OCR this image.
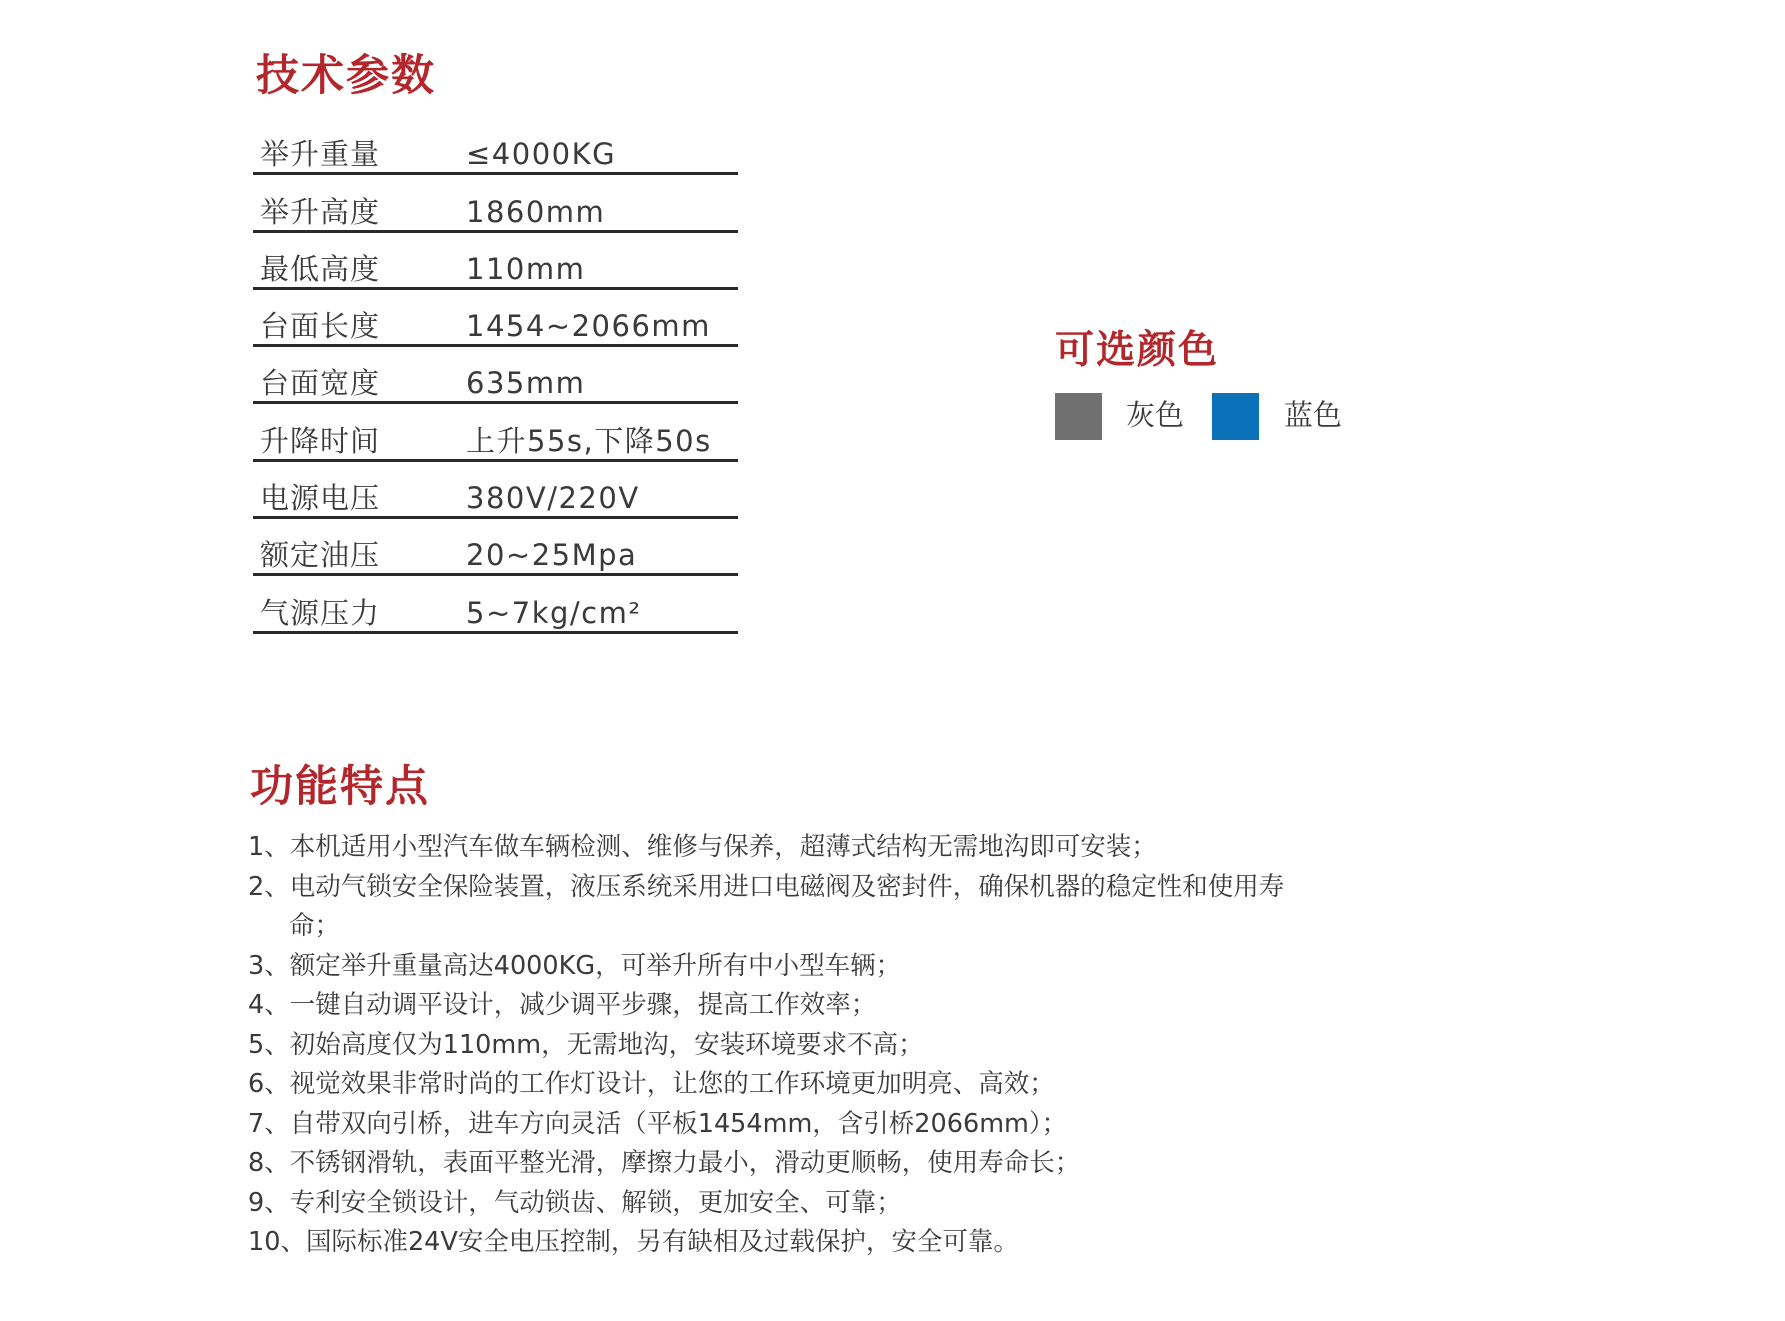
技术参数
举升重量	≤4000KG
举升高度	1860mm
最低高度	110mm
台面长度	1454~2066mm
台面宽度	635mm
升降时间	上升55s,下降50s
电源电压	380V/220V
额定油压	20~25Mpa
气源压力	5~7kg/cm²
可选颜色
灰色	蓝色
功能特点
1、本机适用小型汽车做车辆检测、维修与保养，超薄式结构无需地沟即可安装；
2、电动气锁安全保险装置，液压系统采用进口电磁阀及密封件，确保机器的稳定性和使用寿命；
3、额定举升重量高达4000KG，可举升所有中小型车辆；
4、一键自动调平设计，减少调平步骤，提高工作效率；
5、初始高度仅为110mm，无需地沟，安装环境要求不高；
6、视觉效果非常时尚的工作灯设计，让您的工作环境更加明亮、高效；
7、自带双向引桥，进车方向灵活（平板1454mm，含引桥2066mm）；
8、不锈钢滑轨，表面平整光滑，摩擦力最小，滑动更顺畅，使用寿命长；
9、专利安全锁设计，气动锁齿、解锁，更加安全、可靠；
10、国际标准24V安全电压控制，另有缺相及过载保护，安全可靠。
